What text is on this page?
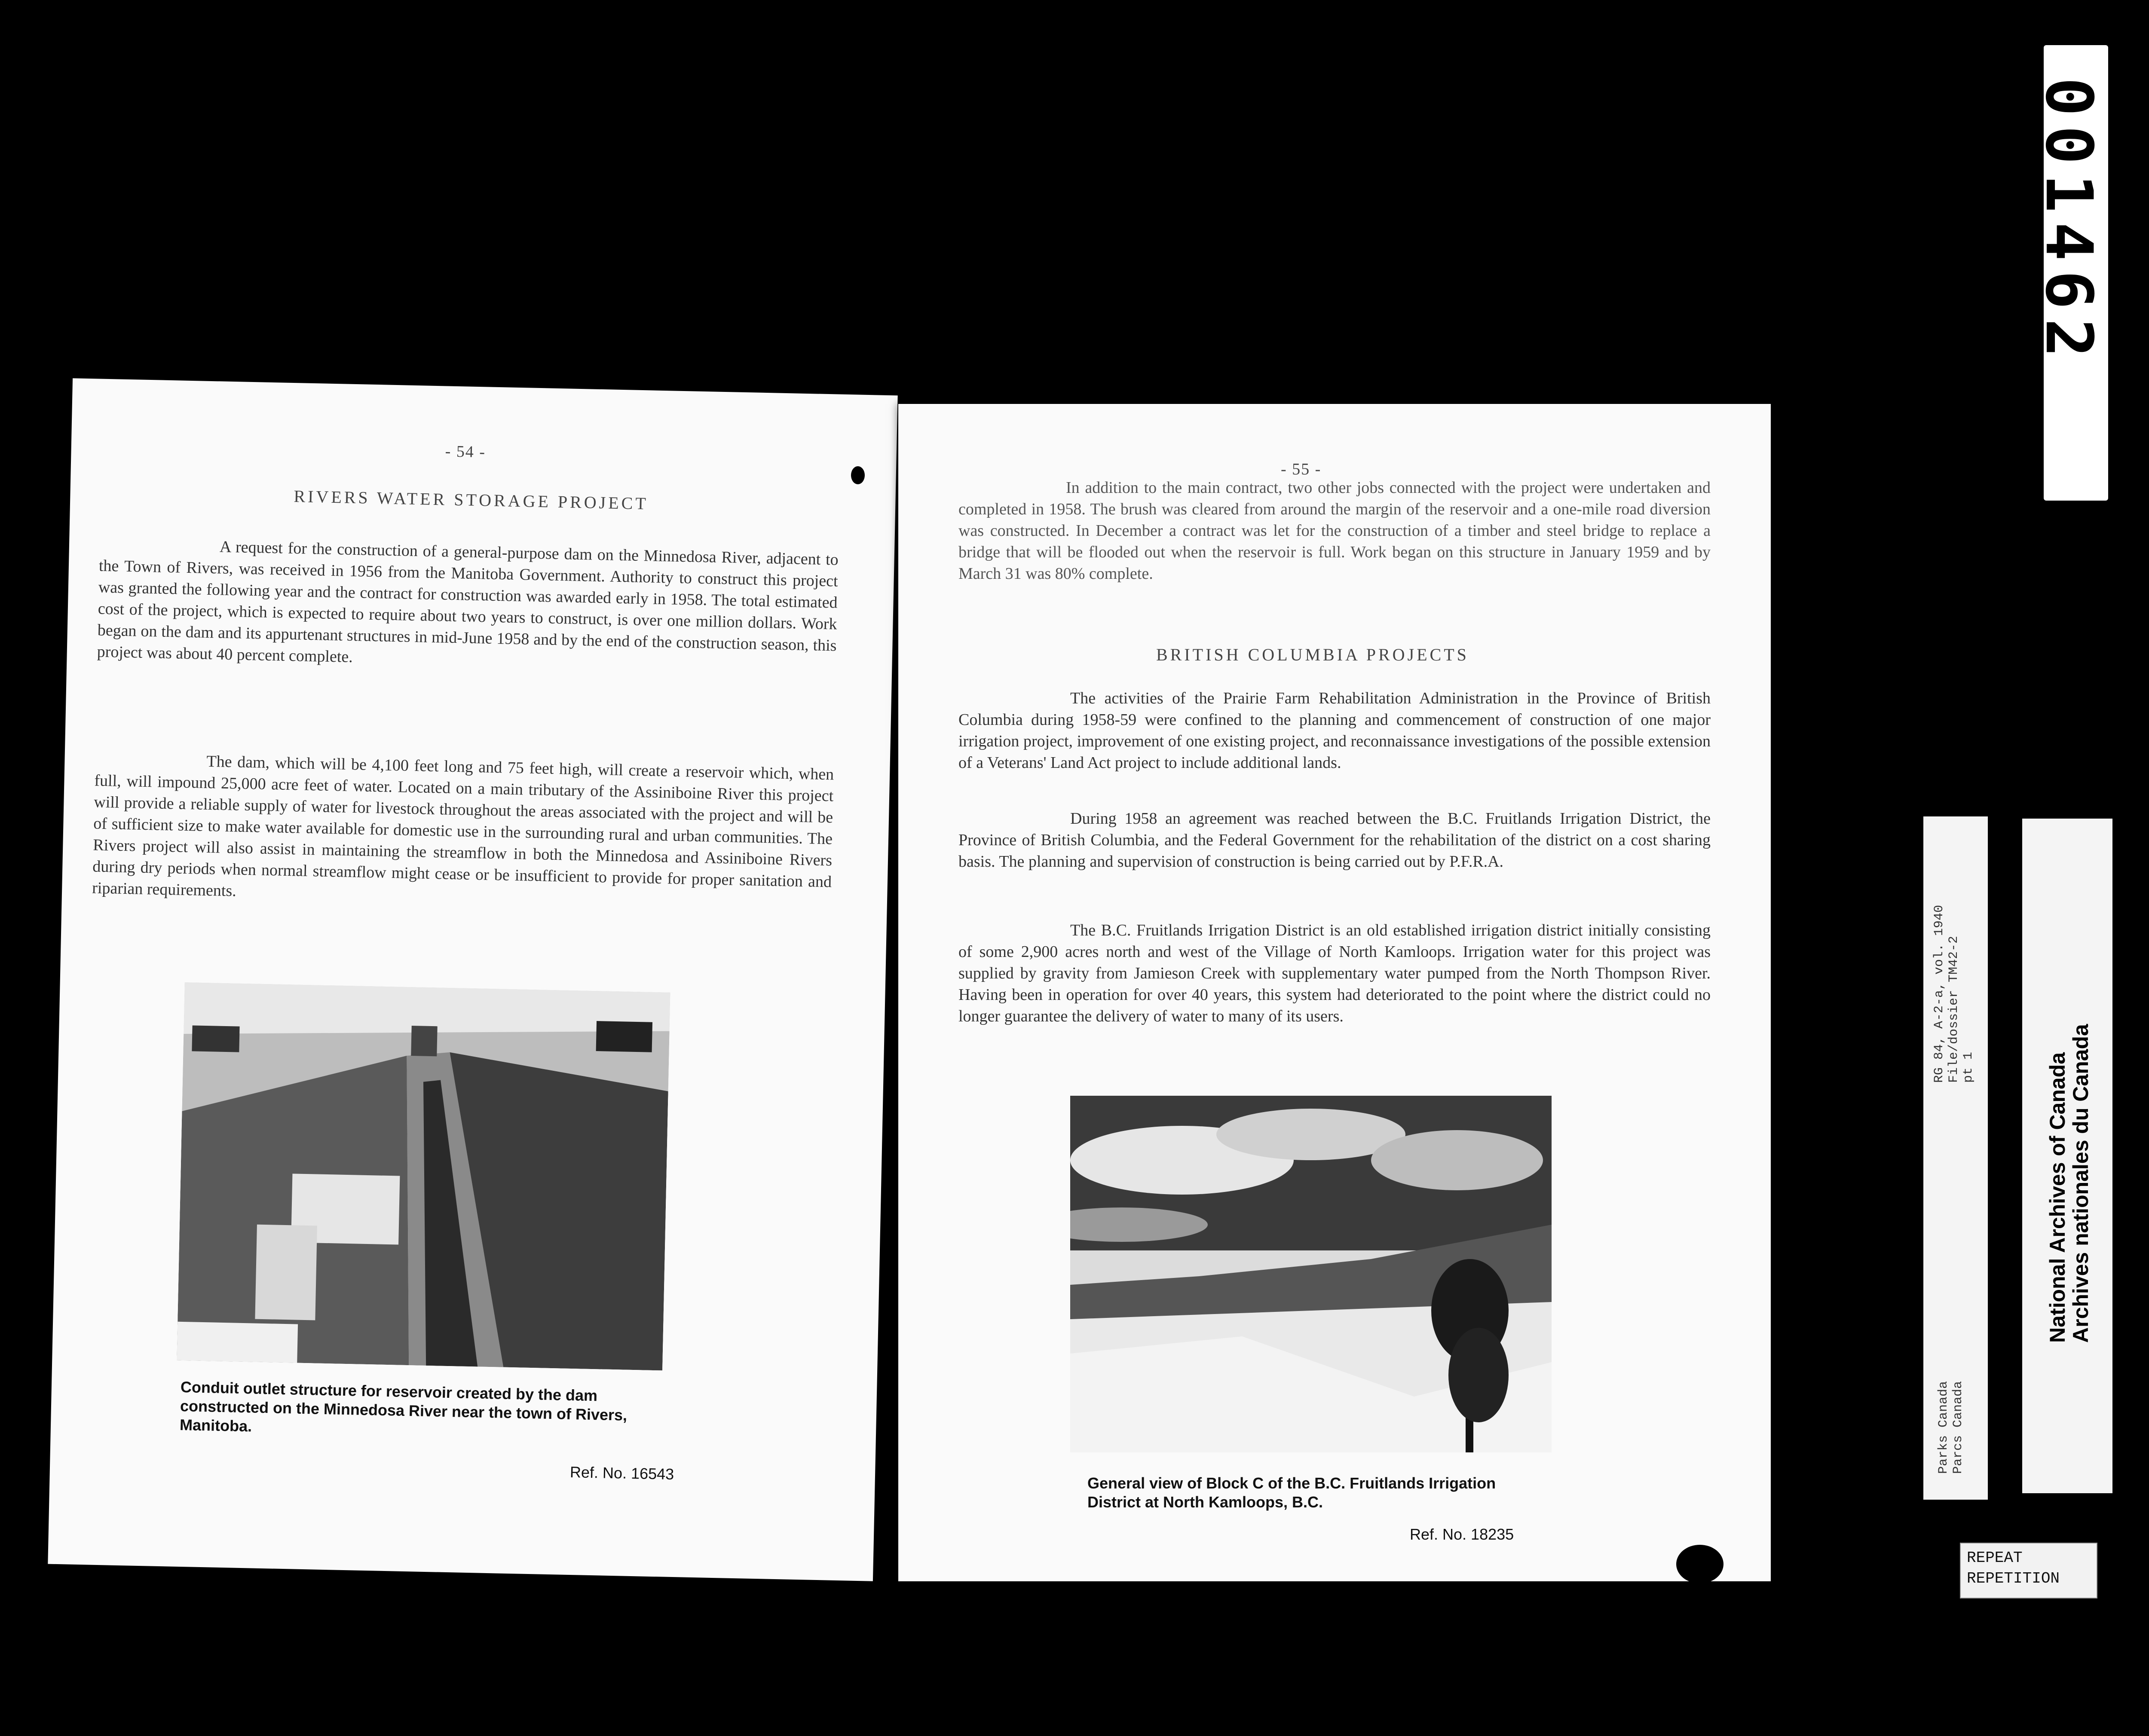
001462
- 54 -
RIVERS WATER STORAGE PROJECT

A request for the construction of a general-purpose dam on the Minnedosa River, adjacent to the Town of Rivers, was received in 1956 from the Manitoba Government. Authority to construct this project was granted the following year and the contract for construction was awarded early in 1958. The total estimated cost of the project, which is expected to require about two years to construct, is over one million dollars. Work began on the dam and its appurtenant structures in mid-June 1958 and by the end of the construction season, this project was about 40 percent complete.

The dam, which will be 4,100 feet long and 75 feet high, will create a reservoir which, when full, will impound 25,000 acre feet of water. Located on a main tributary of the Assiniboine River this project will provide a reliable supply of water for livestock throughout the areas associated with the project and will be of sufficient size to make water available for domestic use in the surrounding rural and urban communities. The Rivers project will also assist in maintaining the streamflow in both the Minnedosa and Assiniboine Rivers during dry periods when normal streamflow might cease or be insufficient to provide for proper sanitation and riparian requirements.

Conduit outlet structure for reservoir created by the dam constructed on the Minnedosa River near the town of Rivers, Manitoba.

Ref. No. 16543
- 55 -

In addition to the main contract, two other jobs connected with the project were undertaken and completed in 1958. The brush was cleared from around the margin of the reservoir and a one-mile road diversion was constructed. In December a contract was let for the construction of a timber and steel bridge to replace a bridge that will be flooded out when the reservoir is full. Work began on this structure in January 1959 and by March 31 was 80% complete.

BRITISH COLUMBIA PROJECTS

The activities of the Prairie Farm Rehabilitation Administration in the Province of British Columbia during 1958-59 were confined to the planning and commencement of construction of one major irrigation project, improvement of one existing project, and reconnaissance investigations of the possible extension of a Veterans' Land Act project to include additional lands.

During 1958 an agreement was reached between the B.C. Fruitlands Irrigation District, the Province of British Columbia, and the Federal Government for the rehabilitation of the district on a cost sharing basis. The planning and supervision of construction is being carried out by P.F.R.A.

The B.C. Fruitlands Irrigation District is an old established irrigation district initially consisting of some 2,900 acres north and west of the Village of North Kamloops. Irrigation water for this project was supplied by gravity from Jamieson Creek with supplementary water pumped from the North Thompson River. Having been in operation for over 40 years, this system had deteriorated to the point where the district could no longer guarantee the delivery of water to many of its users.

General view of Block C of the B.C. Fruitlands Irrigation District at North Kamloops, B.C.

Ref. No. 18235
RG 84, A-2-a, vol. 1940 File/dossier TM42-2 pt 1
Parks Canada Parcs Canada
National Archives of Canada
Archives nationales du Canada
REPEAT
REPETITION
